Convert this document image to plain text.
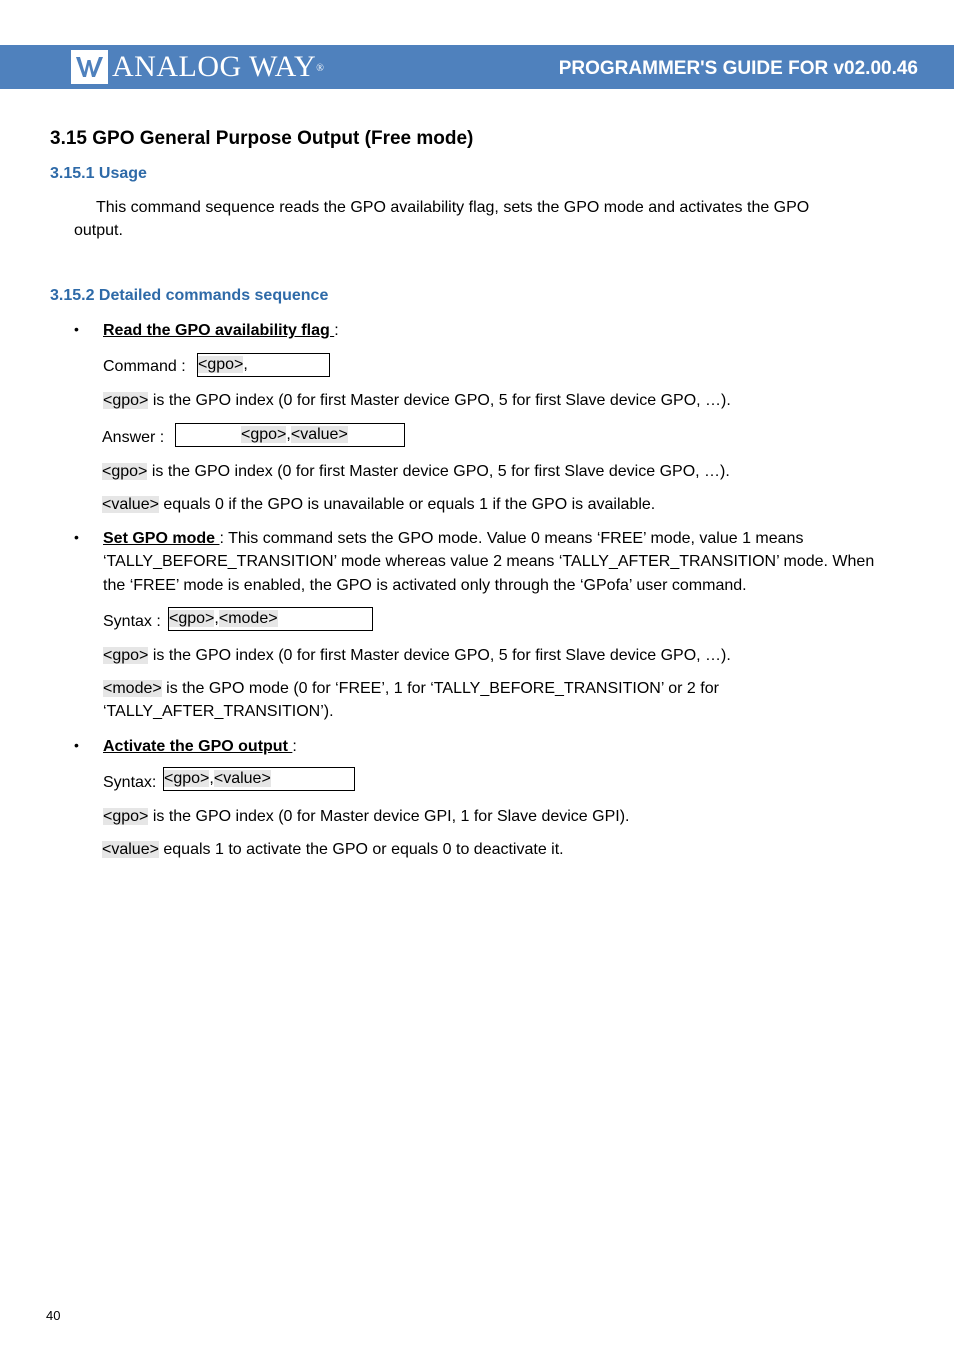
ANALOG WAY®	PROGRAMMER'S GUIDE FOR v02.00.46
3.15 GPO General Purpose Output (Free mode)
3.15.1 Usage
This command sequence reads the GPO availability flag, sets the GPO mode and activates the GPO
output.
3.15.2 Detailed commands sequence
• Read the GPO availability flag :
Command : <gpo>,
<gpo> is the GPO index (0 for first Master device GPO, 5 for first Slave device GPO, …).
Answer :	<gpo>,<value>
<gpo> is the GPO index (0 for first Master device GPO, 5 for first Slave device GPO, …).
<value> equals 0 if the GPO is unavailable or equals 1 if the GPO is available.
• Set GPO mode : This command sets the GPO mode. Value 0 means ‘FREE’ mode, value 1 means
‘TALLY_BEFORE_TRANSITION’ mode whereas value 2 means ‘TALLY_AFTER_TRANSITION’ mode. When
the ‘FREE’ mode is enabled, the GPO is activated only through the ‘GPofa’ user command.
Syntax : <gpo>,<mode>
<gpo> is the GPO index (0 for first Master device GPO, 5 for first Slave device GPO, …).
<mode> is the GPO mode (0 for ‘FREE’, 1 for ‘TALLY_BEFORE_TRANSITION’ or 2 for
‘TALLY_AFTER_TRANSITION’).
• Activate the GPO output :
Syntax: <gpo>,<value>
<gpo> is the GPO index (0 for Master device GPI, 1 for Slave device GPI).
<value> equals 1 to activate the GPO or equals 0 to deactivate it.
40
